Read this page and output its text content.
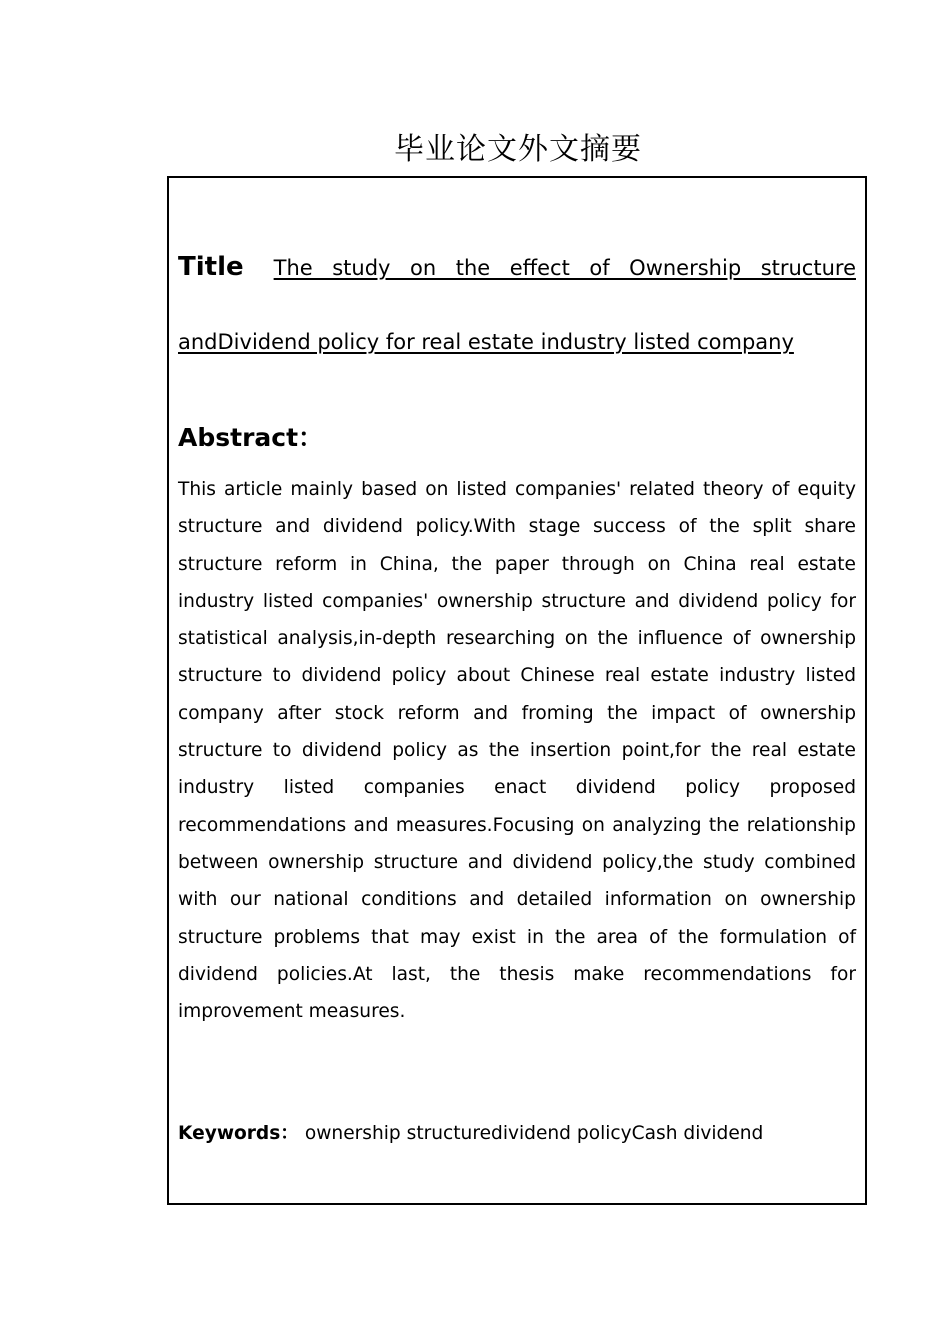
毕业论文外文摘要
Title The study on the effect of Ownership structure andDividend policy for real estate industry listed company
Abstract：

This article mainly based on listed companies' related theory of equity structure and dividend policy.With stage success of the split share structure reform in China, the paper through on China real estate industry listed companies' ownership structure and dividend policy for statistical analysis,in-depth researching on the influence of ownership structure to dividend policy about Chinese real estate industry listed company after stock reform and froming the impact of ownership structure to dividend policy as the insertion point,for the real estate industry listed companies enact dividend policy proposed recommendations and measures.Focusing on analyzing the relationship between ownership structure and dividend policy,the study combined with our national conditions and detailed information on ownership structure problems that may exist in the area of the formulation of dividend policies.At last, the thesis make recommendations for improvement measures.

Keywords： ownership structuredividend policyCash dividend
